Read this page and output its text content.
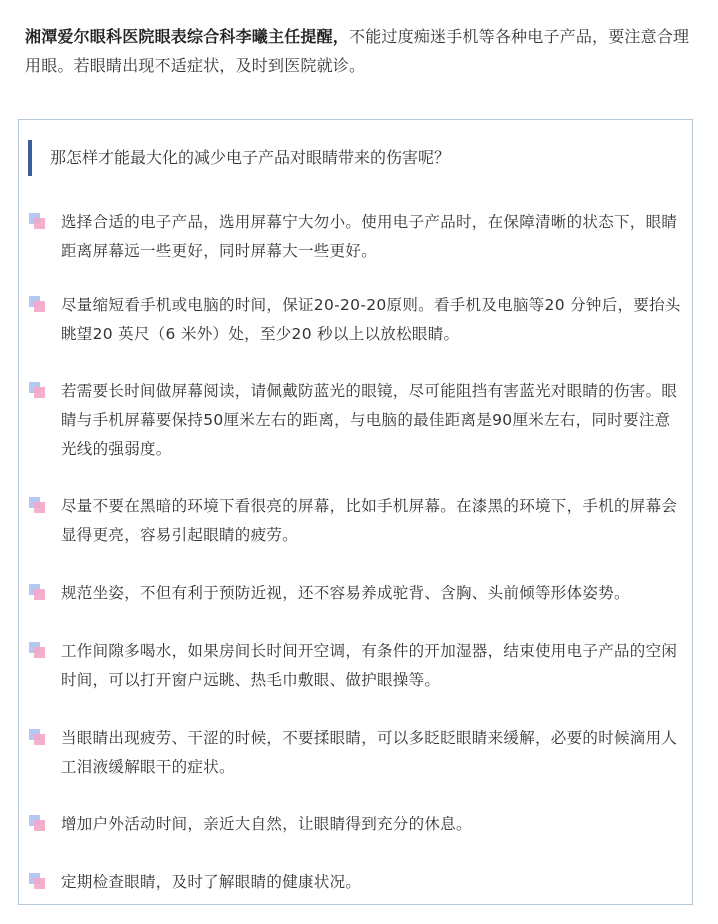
湘潭爱尔眼科医院眼表综合科李曦主任提醒，不能过度痴迷手机等各种电子产品，要注意合理用眼。若眼睛出现不适症状，及时到医院就诊。

那怎样才能最大化的减少电子产品对眼睛带来的伤害呢？

选择合适的电子产品，选用屏幕宁大勿小。使用电子产品时，在保障清晰的状态下，眼睛距离屏幕远一些更好，同时屏幕大一些更好。

尽量缩短看手机或电脑的时间，保证20-20-20原则。看手机及电脑等20 分钟后，要抬头眺望20 英尺（6 米外）处，至少20 秒以上以放松眼睛。

若需要长时间做屏幕阅读，请佩戴防蓝光的眼镜，尽可能阻挡有害蓝光对眼睛的伤害。眼睛与手机屏幕要保持50厘米左右的距离，与电脑的最佳距离是90厘米左右，同时要注意光线的强弱度。

尽量不要在黑暗的环境下看很亮的屏幕，比如手机屏幕。在漆黑的环境下，手机的屏幕会显得更亮，容易引起眼睛的疲劳。

规范坐姿，不但有利于预防近视，还不容易养成驼背、含胸、头前倾等形体姿势。

工作间隙多喝水，如果房间长时间开空调，有条件的开加湿器，结束使用电子产品的空闲时间，可以打开窗户远眺、热毛巾敷眼、做护眼操等。

当眼睛出现疲劳、干涩的时候，不要揉眼睛，可以多眨眨眼睛来缓解，必要的时候滴用人工泪液缓解眼干的症状。

增加户外活动时间，亲近大自然，让眼睛得到充分的休息。

定期检查眼睛，及时了解眼睛的健康状况。
